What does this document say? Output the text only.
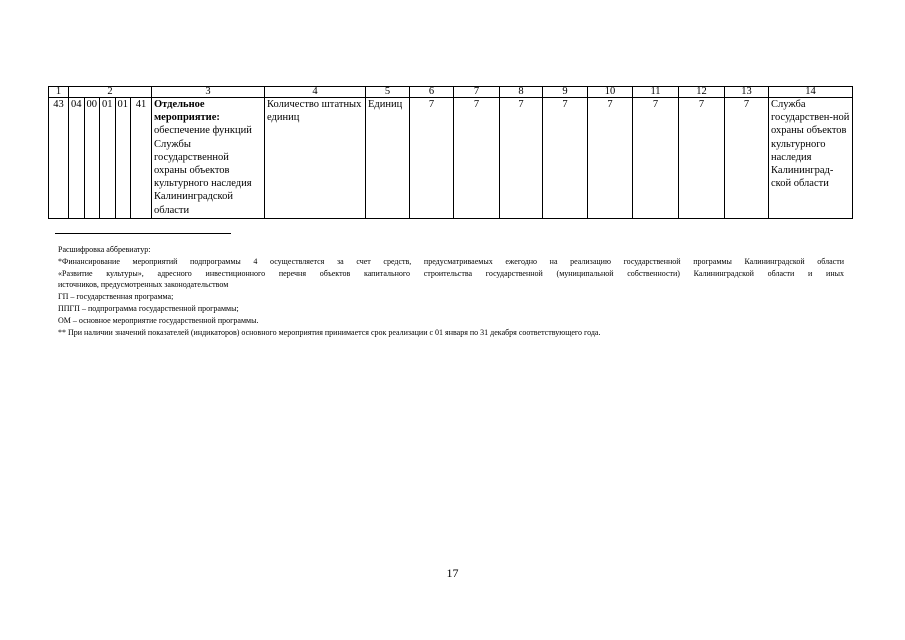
1	2					3	4	5	6	7	8	9	10	11	12	13	14
43	04	00	01	01	41	Отдельное мероприятие: обеспечение функций Службы государственной охраны объектов культурного наследия Калининградской области	Количество штатных единиц	Единиц	7	7	7	7	7	7	7	7	Служба государствен-ной охраны объектов культурного наследия Калининград-ской области

Расшифровка аббревиатур:

*Финансирование мероприятий подпрограммы 4 осуществляется за счет средств, предусматриваемых ежегодно на реализацию государственной программы Калининградской области

«Развитие культуры», адресного инвестиционного перечня объектов капитального строительства государственной (муниципальной собственности) Калининградской области и иных

источников, предусмотренных законодательством

ГП – государственная программа;

ППГП – подпрограмма государственной программы;

ОМ – основное мероприятие государственной программы.

** При наличии значений показателей (индикаторов) основного мероприятия принимается срок реализации с 01 января по 31 декабря соответствующего года.

17
